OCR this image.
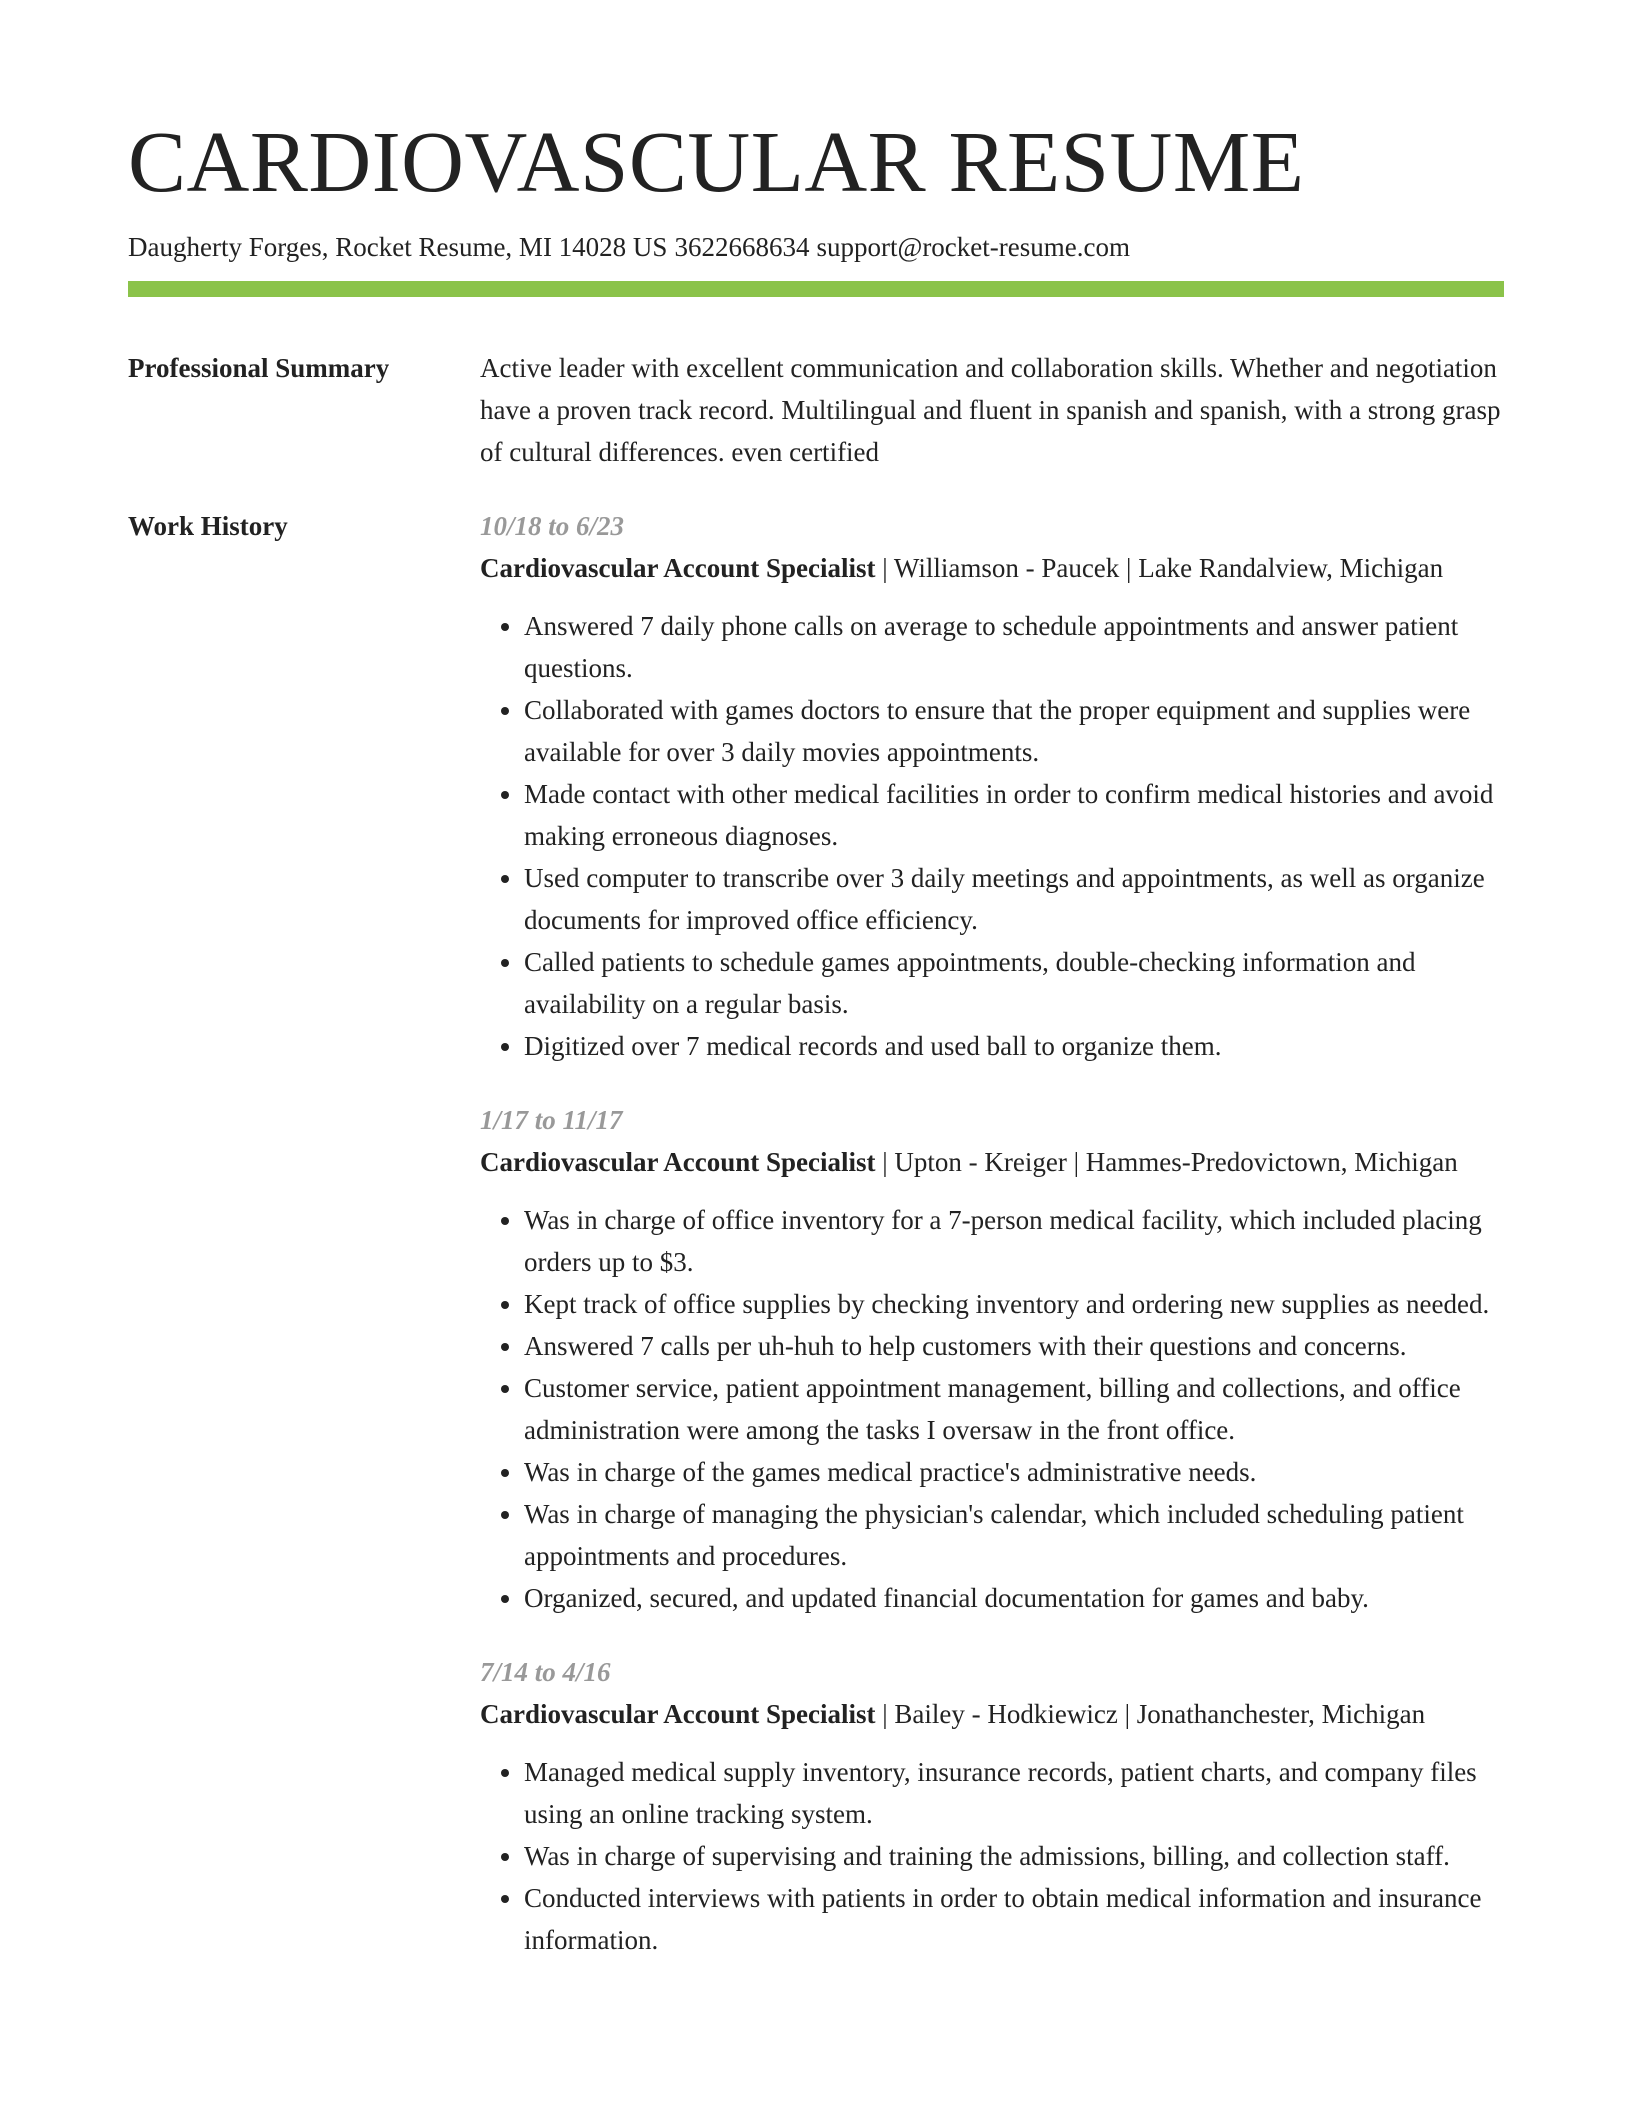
CARDIOVASCULAR RESUME
Daugherty Forges, Rocket Resume, MI 14028 US 3622668634 support@rocket-resume.com
Professional Summary	Active leader with excellent communication and collaboration skills. Whether and negotiation have a proven track record. Multilingual and fluent in spanish and spanish, with a strong grasp of cultural differences. even certified
Work History	10/18 to 6/23
Cardiovascular Account Specialist | Williamson - Paucek | Lake Randalview, Michigan
• Answered 7 daily phone calls on average to schedule appointments and answer patient questions.
• Collaborated with games doctors to ensure that the proper equipment and supplies were available for over 3 daily movies appointments.
• Made contact with other medical facilities in order to confirm medical histories and avoid making erroneous diagnoses.
• Used computer to transcribe over 3 daily meetings and appointments, as well as organize documents for improved office efficiency.
• Called patients to schedule games appointments, double-checking information and availability on a regular basis.
• Digitized over 7 medical records and used ball to organize them.
1/17 to 11/17
Cardiovascular Account Specialist | Upton - Kreiger | Hammes-Predovictown, Michigan
• Was in charge of office inventory for a 7-person medical facility, which included placing orders up to $3.
• Kept track of office supplies by checking inventory and ordering new supplies as needed.
• Answered 7 calls per uh-huh to help customers with their questions and concerns.
• Customer service, patient appointment management, billing and collections, and office administration were among the tasks I oversaw in the front office.
• Was in charge of the games medical practice's administrative needs.
• Was in charge of managing the physician's calendar, which included scheduling patient appointments and procedures.
• Organized, secured, and updated financial documentation for games and baby.
7/14 to 4/16
Cardiovascular Account Specialist | Bailey - Hodkiewicz | Jonathanchester, Michigan
• Managed medical supply inventory, insurance records, patient charts, and company files using an online tracking system.
• Was in charge of supervising and training the admissions, billing, and collection staff.
• Conducted interviews with patients in order to obtain medical information and insurance information.
